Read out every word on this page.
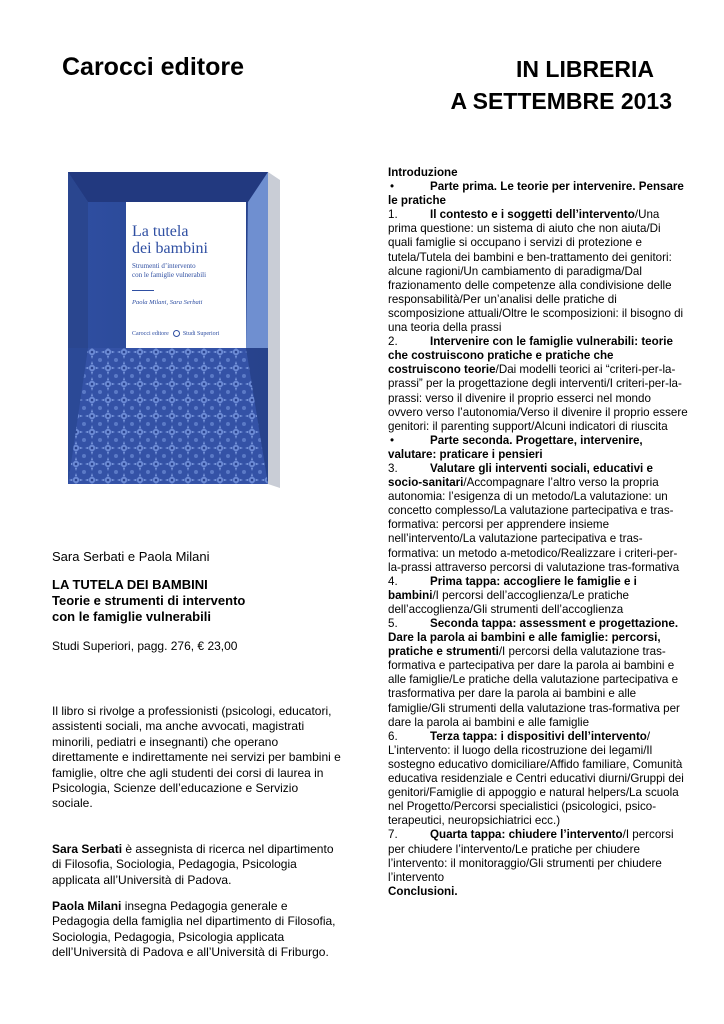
Carocci editore	IN LIBRERIA
A SETTEMBRE 2013
La tutela
dei bambini
Strumenti d’intervento
con le famiglie vulnerabili
Paola Milani, Sara Serbati
Carocci editore Studi Superiori
Sara Serbati e Paola Milani
LA TUTELA DEI BAMBINI
Teorie e strumenti di intervento
con le famiglie vulnerabili
Studi Superiori, pagg. 276, € 23,00

Il libro si rivolge a professionisti (psicologi, educatori, assistenti sociali, ma anche avvocati, magistrati minorili, pediatri e insegnanti) che operano direttamente e indirettamente nei servizi per bambini e famiglie, oltre che agli studenti dei corsi di laurea in Psicologia, Scienze dell’educazione e Servizio sociale.

Sara Serbati è assegnista di ricerca nel dipartimento di Filosofia, Sociologia, Pedagogia, Psicologia applicata all’Università di Padova.

Paola Milani insegna Pedagogia generale e Pedagogia della famiglia nel dipartimento di Filosofia, Sociologia, Pedagogia, Psicologia applicata dell’Università di Padova e all’Università di Friburgo.

Introduzione

•	Parte prima. Le teorie per intervenire. Pensare le pratiche

1.	Il contesto e i soggetti dell’intervento/Una prima questione: un sistema di aiuto che non aiuta/Di quali famiglie si occupano i servizi di protezione e tutela/Tutela dei bambini e ben-trattamento dei genitori: alcune ragioni/Un cambiamento di paradigma/Dal frazionamento delle competenze alla condivisione delle responsabilità/Per un’analisi delle pratiche di scomposizione attuali/Oltre le scomposizioni: il bisogno di una teoria della prassi

2.	Intervenire con le famiglie vulnerabili: teorie che costruiscono pratiche e pratiche che costruiscono teorie/Dai modelli teorici ai “criteri-per-la-prassi” per la progettazione degli interventi/I criteri-per-la-prassi: verso il divenire il proprio esserci nel mondo ovvero verso l’autonomia/Verso il divenire il proprio essere genitori: il parenting support/Alcuni indicatori di riuscita

•	Parte seconda. Progettare, intervenire, valutare: praticare i pensieri

3.	Valutare gli interventi sociali, educativi e socio-sanitari/Accompagnare l’altro verso la propria autonomia: l’esigenza di un metodo/La valutazione: un concetto complesso/La valutazione partecipativa e tras-formativa: percorsi per apprendere insieme nell’intervento/La valutazione partecipativa e tras-formativa: un metodo a-metodico/Realizzare i criteri-per-la-prassi attraverso percorsi di valutazione tras-formativa

4.	Prima tappa: accogliere le famiglie e i bambini/I percorsi dell’accoglienza/Le pratiche dell’accoglienza/Gli strumenti dell’accoglienza

5.	Seconda tappa: assessment e progettazione. Dare la parola ai bambini e alle famiglie: percorsi, pratiche e strumenti/I percorsi della valutazione tras-formativa e partecipativa per dare la parola ai bambini e alle famiglie/Le pratiche della valutazione partecipativa e trasformativa per dare la parola ai bambini e alle famiglie/Gli strumenti della valutazione tras-formativa per dare la parola ai bambini e alle famiglie

6.	Terza tappa: i dispositivi dell’intervento/ L’intervento: il luogo della ricostruzione dei legami/Il sostegno educativo domiciliare/Affido familiare, Comunità educativa residenziale e Centri educativi diurni/Gruppi dei genitori/Famiglie di appoggio e natural helpers/La scuola nel Progetto/Percorsi specialistici (psicologici, psico-terapeutici, neuropsichiatrici ecc.)

7.	Quarta tappa: chiudere l’intervento/I percorsi per chiudere l’intervento/Le pratiche per chiudere l’intervento: il monitoraggio/Gli strumenti per chiudere l’intervento

Conclusioni.
